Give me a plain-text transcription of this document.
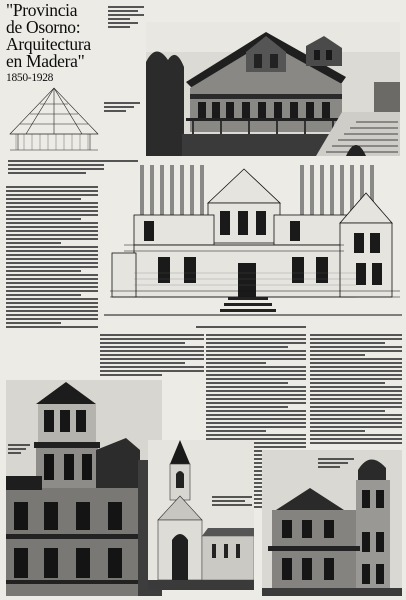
"Provincia
de Osorno:
Arquitectura
en Madera"
1850-1928
